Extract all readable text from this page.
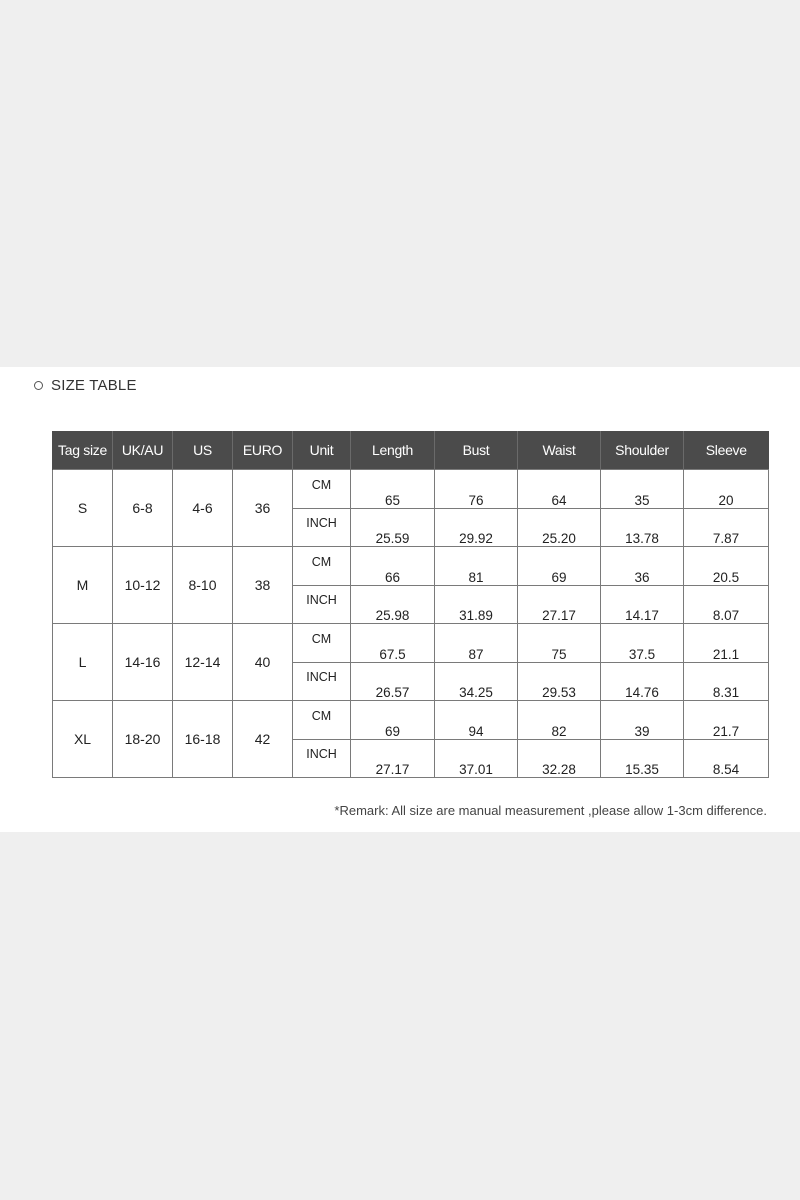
SIZE TABLE
Tag size	UK/AU	US	EURO	Unit	Length	Bust	Waist	Shoulder	Sleeve
S	6-8	4-6	36	CM	65	76	64	35	20
				INCH	25.59	29.92	25.20	13.78	7.87
M	10-12	8-10	38	CM	66	81	69	36	20.5
				INCH	25.98	31.89	27.17	14.17	8.07
L	14-16	12-14	40	CM	67.5	87	75	37.5	21.1
				INCH	26.57	34.25	29.53	14.76	8.31
XL	18-20	16-18	42	CM	69	94	82	39	21.7
				INCH	27.17	37.01	32.28	15.35	8.54
*Remark: All size are manual measurement ,please allow 1-3cm difference.
